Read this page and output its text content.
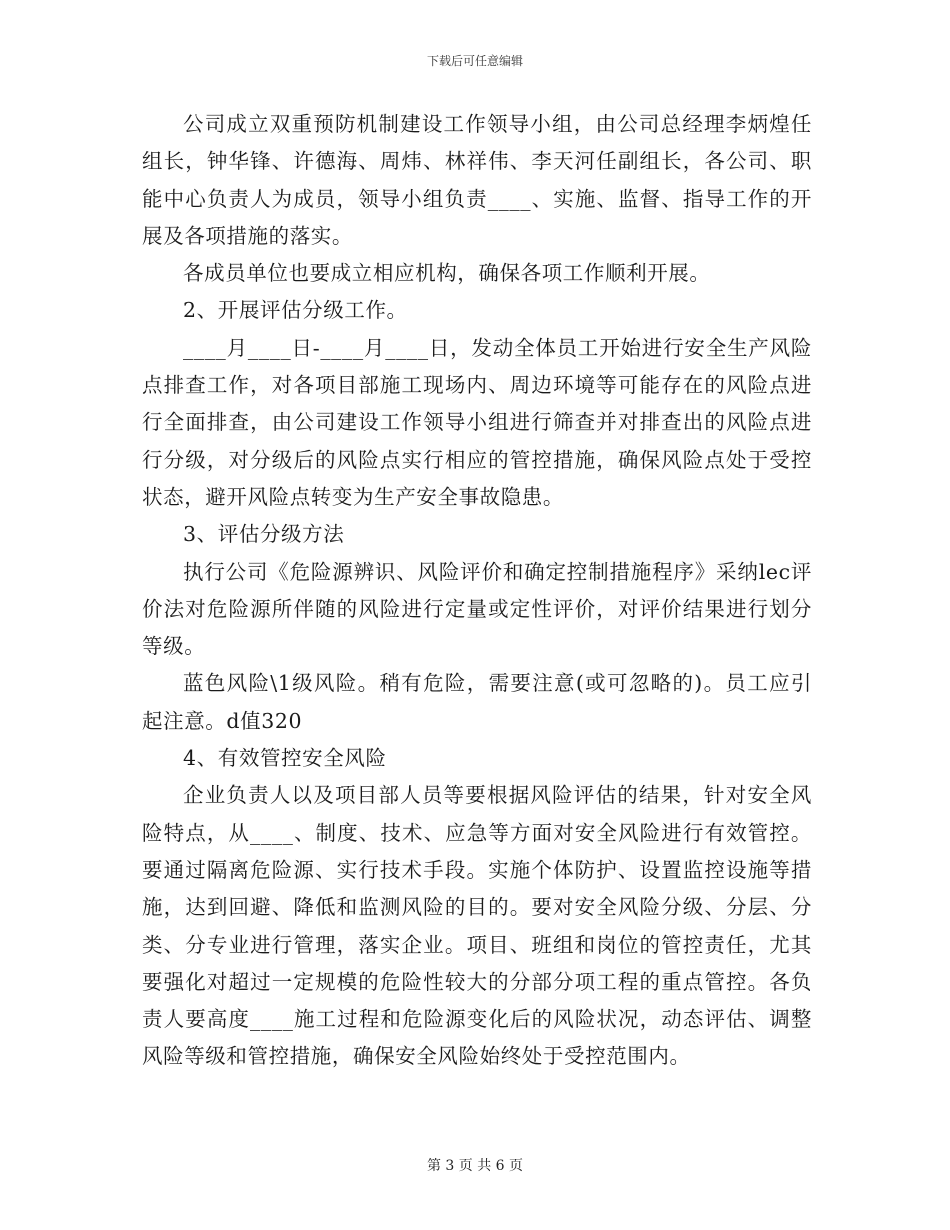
下载后可任意编辑

公司成立双重预防机制建设工作领导小组，由公司总经理李炳煌任组长，钟华锋、许德海、周炜、林祥伟、李天河任副组长，各公司、职能中心负责人为成员，领导小组负责____、实施、监督、指导工作的开展及各项措施的落实。

各成员单位也要成立相应机构，确保各项工作顺利开展。

2、开展评估分级工作。

____月____日-____月____日，发动全体员工开始进行安全生产风险点排查工作，对各项目部施工现场内、周边环境等可能存在的风险点进行全面排查，由公司建设工作领导小组进行筛查并对排查出的风险点进行分级，对分级后的风险点实行相应的管控措施，确保风险点处于受控状态，避开风险点转变为生产安全事故隐患。

3、评估分级方法

执行公司《危险源辨识、风险评价和确定控制措施程序》采纳lec评价法对危险源所伴随的风险进行定量或定性评价，对评价结果进行划分等级。

蓝色风险\1级风险。稍有危险，需要注意(或可忽略的)。员工应引起注意。d值320

4、有效管控安全风险

企业负责人以及项目部人员等要根据风险评估的结果，针对安全风险特点，从____、制度、技术、应急等方面对安全风险进行有效管控。要通过隔离危险源、实行技术手段。实施个体防护、设置监控设施等措施，达到回避、降低和监测风险的目的。要对安全风险分级、分层、分类、分专业进行管理，落实企业。项目、班组和岗位的管控责任，尤其要强化对超过一定规模的危险性较大的分部分项工程的重点管控。各负责人要高度____施工过程和危险源变化后的风险状况，动态评估、调整风险等级和管控措施，确保安全风险始终处于受控范围内。

第 3 页 共 6 页
